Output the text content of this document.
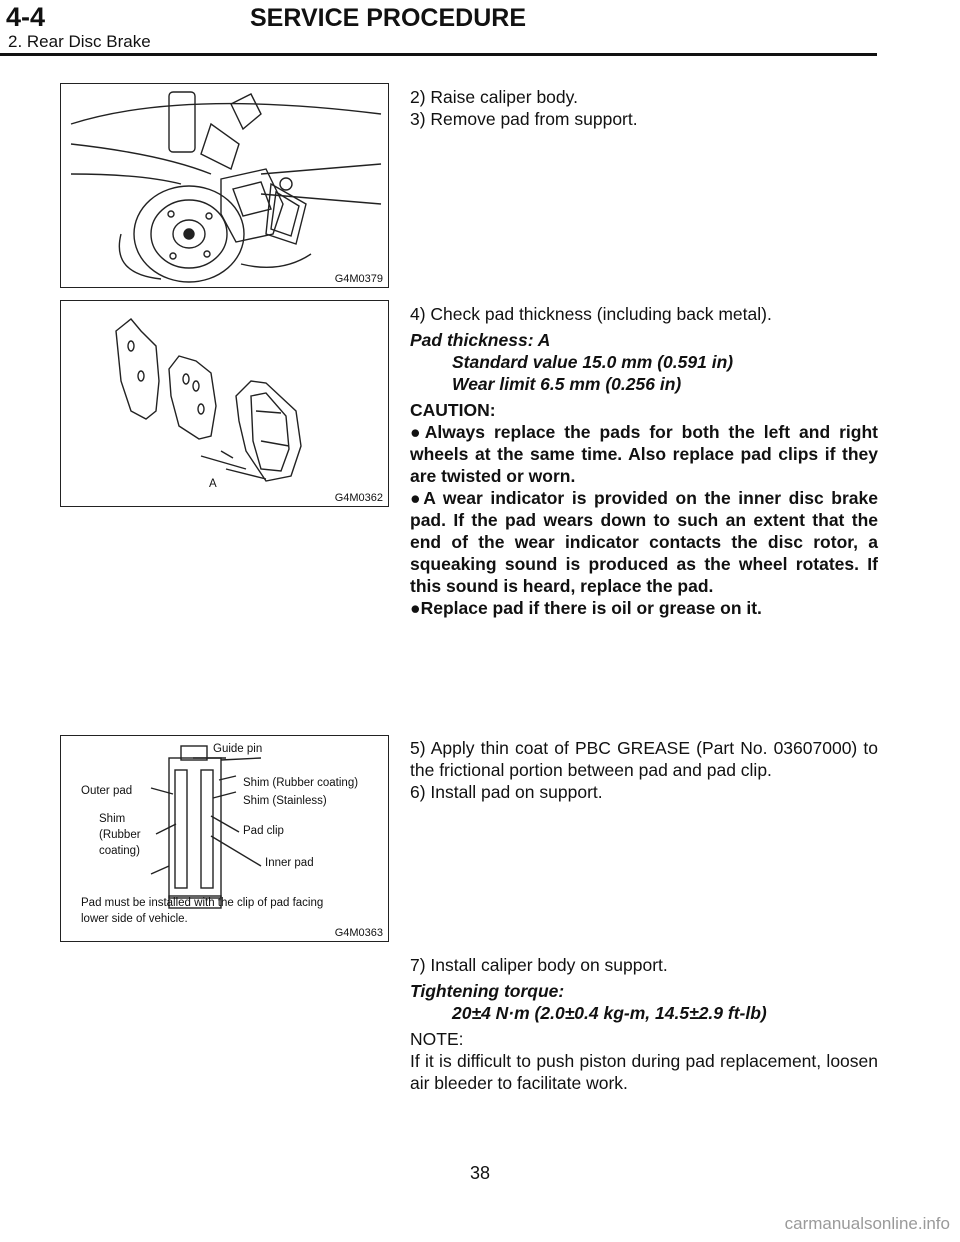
4-4	SERVICE PROCEDURE
2. Rear Disc Brake
G4M0379
A
G4M0362
Guide pin
Outer pad
Shim (Rubber coating)
Shim (Stainless)
Shim
(Rubber
coating)
Pad clip
Inner pad
Pad must be installed with the clip of pad facing
lower side of vehicle.
G4M0363

2) Raise caliper body.

3) Remove pad from support.

4) Check pad thickness (including back metal).

Pad thickness: A

Standard value 15.0 mm (0.591 in)

Wear limit 6.5 mm (0.256 in)

CAUTION:

●Always replace the pads for both the left and right wheels at the same time. Also replace pad clips if they are twisted or worn.

●A wear indicator is provided on the inner disc brake pad. If the pad wears down to such an extent that the end of the wear indicator contacts the disc rotor, a squeaking sound is produced as the wheel rotates. If this sound is heard, replace the pad.

●Replace pad if there is oil or grease on it.

5) Apply thin coat of PBC GREASE (Part No. 03607000) to the frictional portion between pad and pad clip.

6) Install pad on support.

7) Install caliper body on support.

Tightening torque:

20±4 N·m (2.0±0.4 kg-m, 14.5±2.9 ft-lb)

NOTE:

If it is difficult to push piston during pad replacement, loosen air bleeder to facilitate work.

38
carmanualsonline.info
